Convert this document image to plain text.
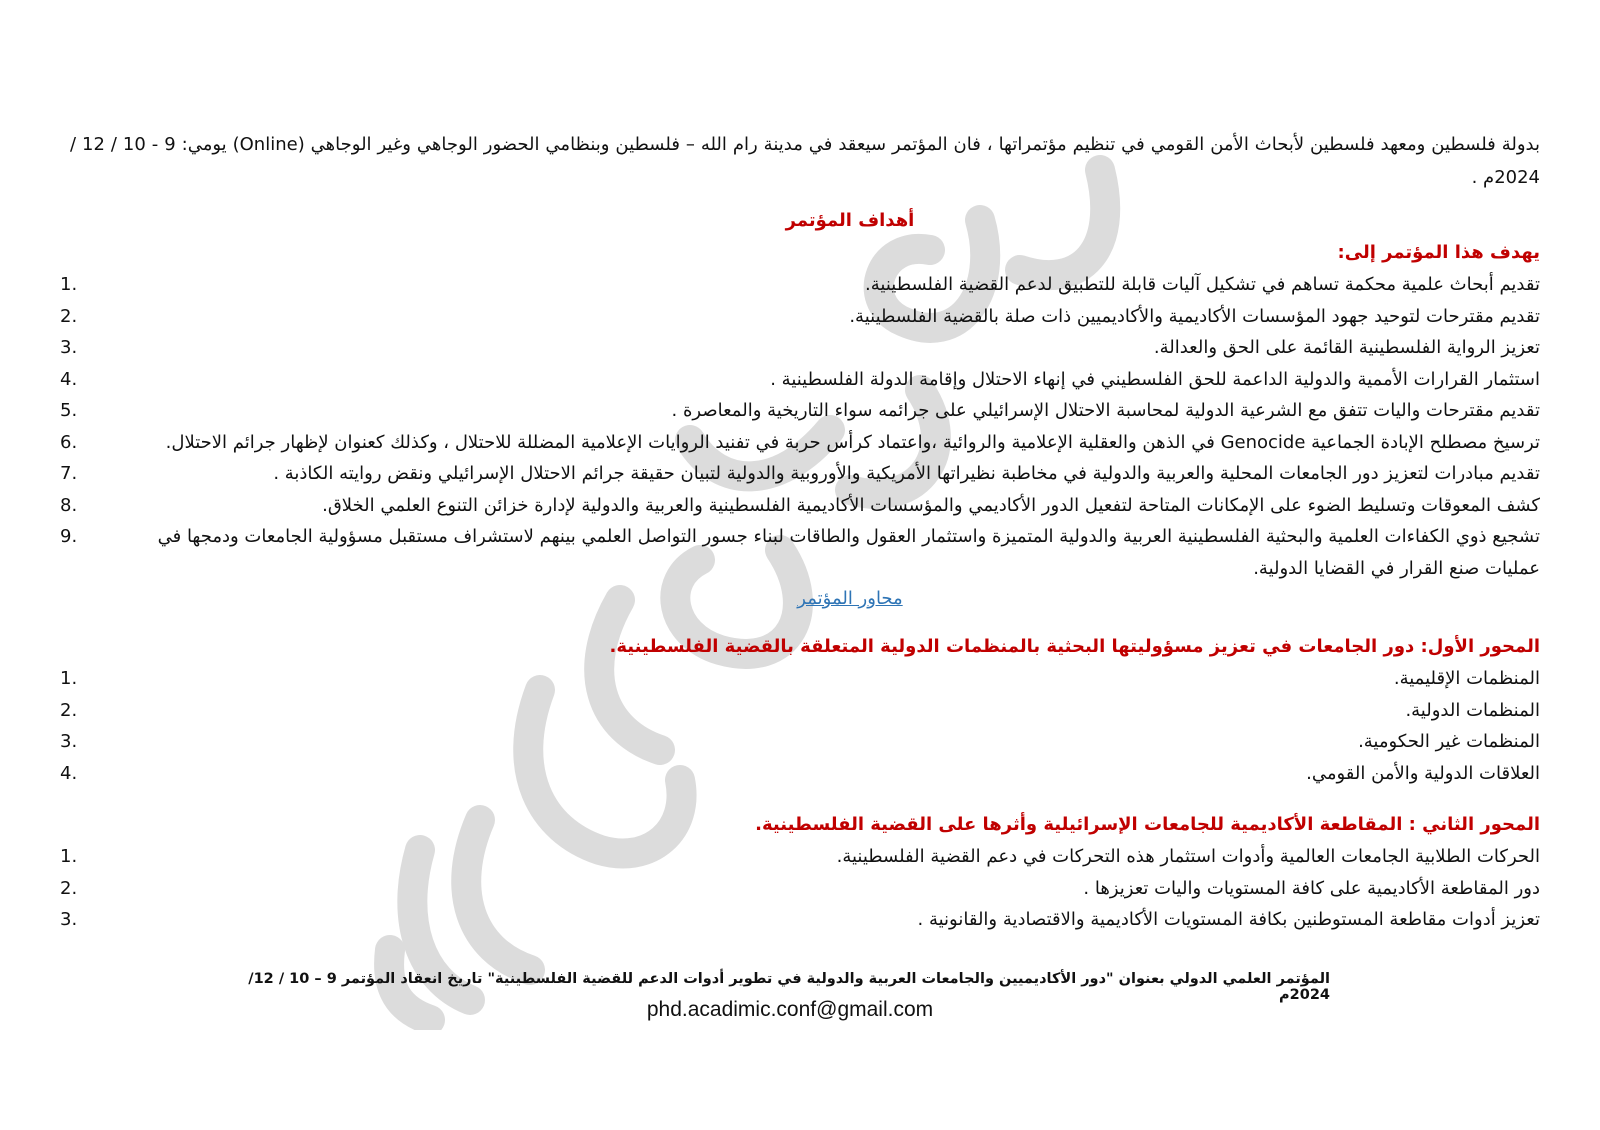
بدولة فلسطين ومعهد فلسطين لأبحاث الأمن القومي في تنظيم مؤتمراتها ، فان المؤتمر سيعقد في مدينة رام الله – فلسطين وبنظامي الحضور الوجاهي وغير الوجاهي (Online) يومي: 9 - 10 / 12 / 2024م .

أهداف المؤتمر
يهدف هذا المؤتمر إلى:
تقديم أبحاث علمية محكمة تساهم في تشكيل آليات قابلة للتطبيق لدعم القضية الفلسطينية.
1.
تقديم مقترحات لتوحيد جهود المؤسسات الأكاديمية والأكاديميين ذات صلة بالقضية الفلسطينية.
2.
تعزيز الرواية الفلسطينية القائمة على الحق والعدالة.
3.
استثمار القرارات الأممية والدولية الداعمة للحق الفلسطيني في إنهاء الاحتلال وإقامة الدولة الفلسطينية .
4.
تقديم مقترحات واليات تتفق مع الشرعية الدولية لمحاسبة الاحتلال الإسرائيلي على جرائمه سواء التاريخية والمعاصرة .
5.
ترسيخ مصطلح الإبادة الجماعية Genocide في الذهن والعقلية الإعلامية والروائية ،واعتماد كرأس حربة في تفنيد الروايات الإعلامية المضللة للاحتلال ، وكذلك كعنوان لإظهار جرائم الاحتلال.
6.
تقديم مبادرات لتعزيز دور الجامعات المحلية والعربية والدولية في مخاطبة نظيراتها الأمريكية والأوروبية والدولية لتبيان حقيقة جرائم الاحتلال الإسرائيلي ونقض روايته الكاذبة .
7.
كشف المعوقات وتسليط الضوء على الإمكانات المتاحة لتفعيل الدور الأكاديمي والمؤسسات الأكاديمية الفلسطينية والعربية والدولية لإدارة خزائن التنوع العلمي الخلاق.
8.
تشجيع ذوي الكفاءات العلمية والبحثية الفلسطينية العربية والدولية المتميزة واستثمار العقول والطاقات لبناء جسور التواصل العلمي بينهم لاستشراف مستقبل مسؤولية الجامعات ودمجها في عمليات صنع القرار في القضايا الدولية.
9.
محاور المؤتمر
المحور الأول: دور الجامعات في تعزيز مسؤوليتها البحثية بالمنظمات الدولية المتعلقة بالقضية الفلسطينية.
المنظمات الإقليمية.
1.
المنظمات الدولية.
2.
المنظمات غير الحكومية.
3.
العلاقات الدولية والأمن القومي.
4.
المحور الثاني : المقاطعة الأكاديمية للجامعات الإسرائيلية وأثرها على القضية الفلسطينية.
الحركات الطلابية الجامعات العالمية وأدوات استثمار هذه التحركات في دعم القضية الفلسطينية.
1.
دور المقاطعة الأكاديمية على كافة المستويات واليات تعزيزها .
2.
تعزيز أدوات مقاطعة المستوطنين بكافة المستويات الأكاديمية والاقتصادية والقانونية .
3.
المؤتمر العلمي الدولي بعنوان "دور الأكاديميين والجامعات العربية والدولية في تطوير أدوات الدعم للقضية الفلسطينية" تاريخ انعقاد المؤتمر 9 – 10 / 12/ 2024م
phd.acadimic.conf@gmail.com
